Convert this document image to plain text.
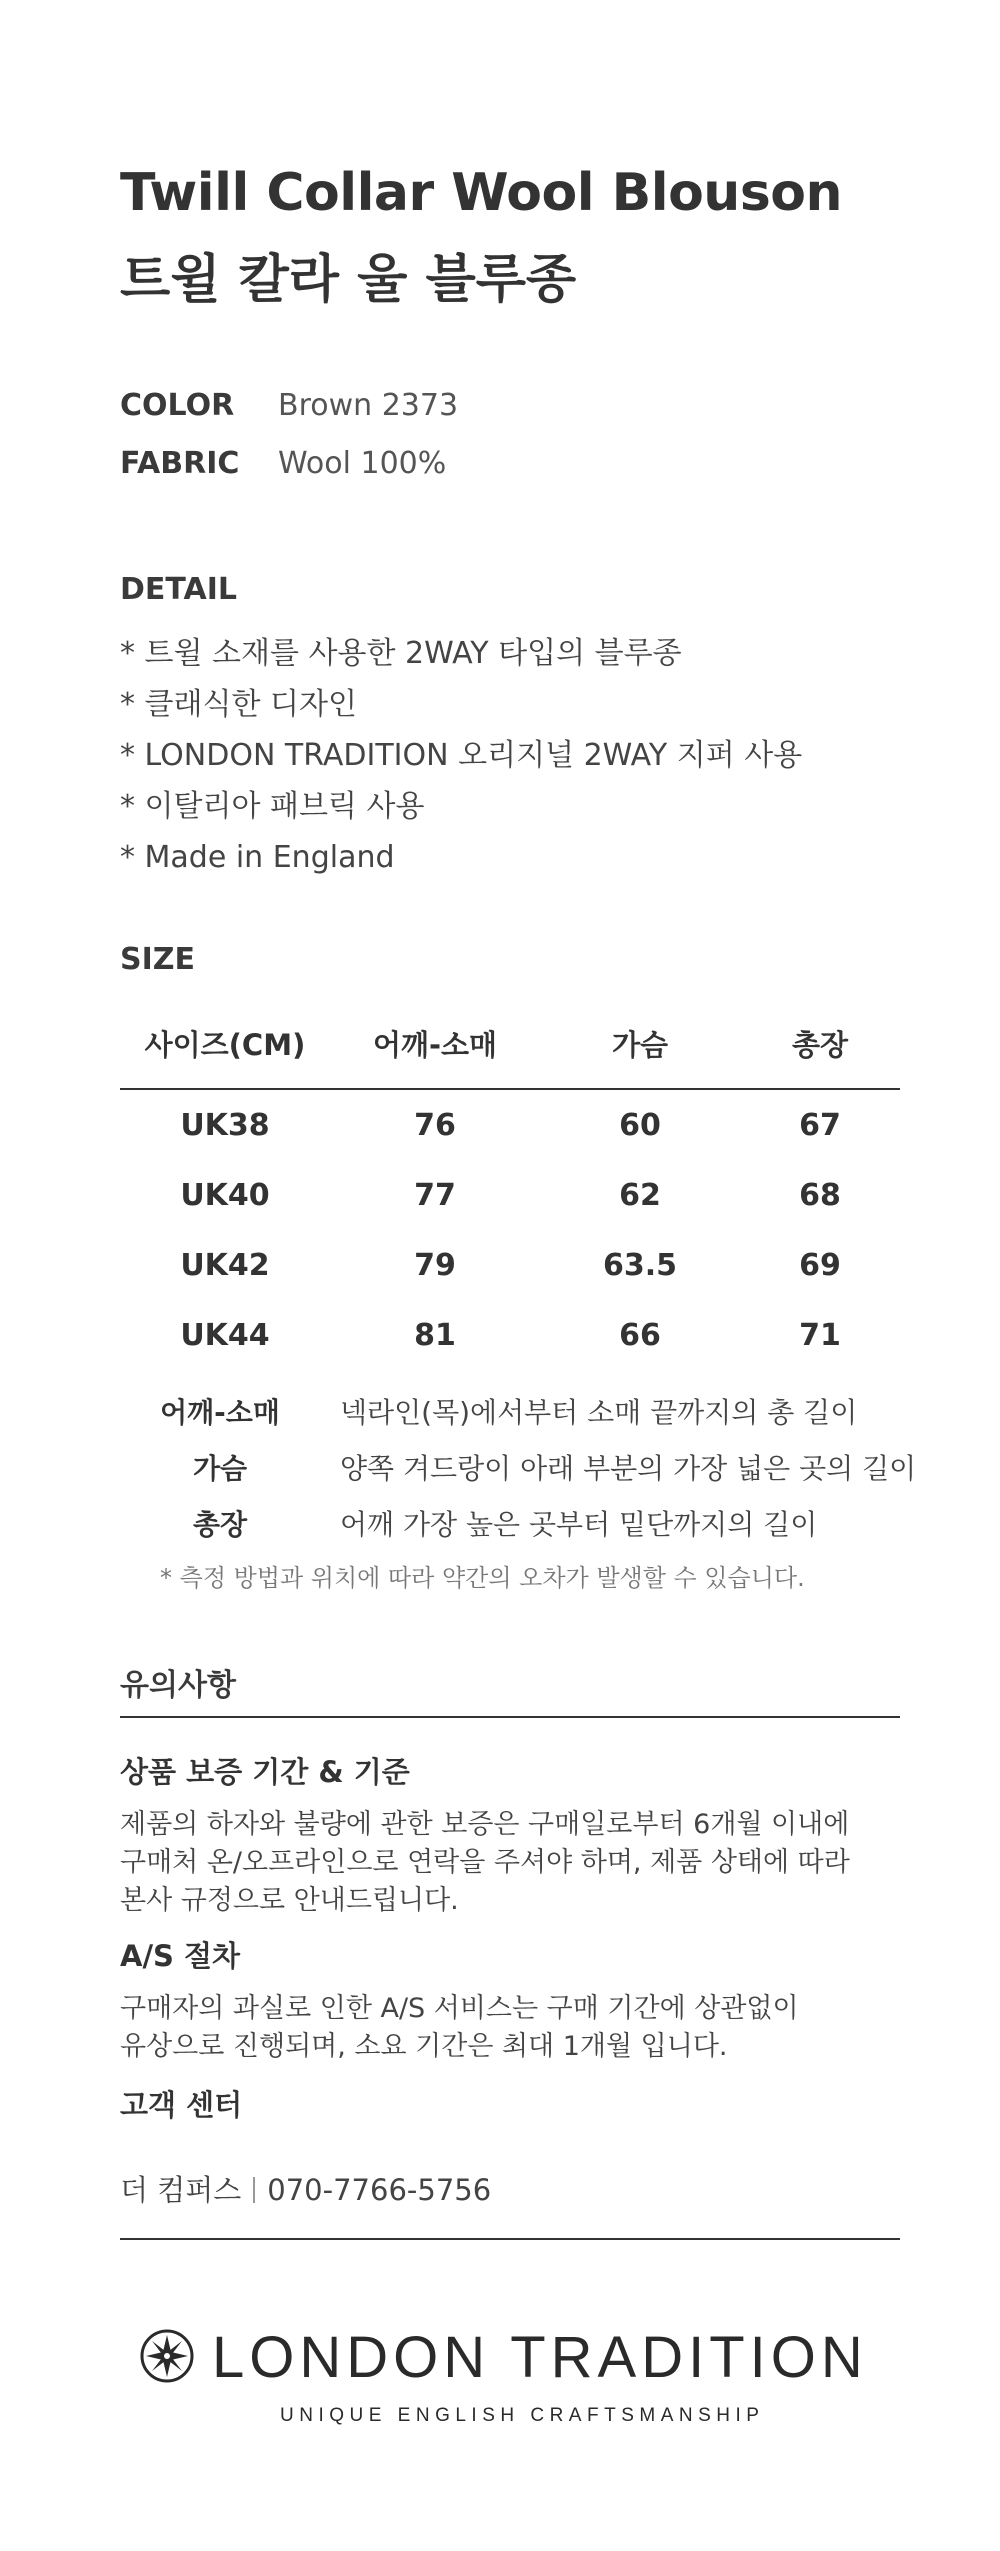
Twill Collar Wool Blouson
트윌 칼라 울 블루종
COLOR Brown 2373
FABRIC Wool 100%
DETAIL
* 트윌 소재를 사용한 2WAY 타입의 블루종
* 클래식한 디자인
* LONDON TRADITION 오리지널 2WAY 지퍼 사용
* 이탈리아 패브릭 사용
* Made in England
SIZE
사이즈(CM)	어깨-소매	가슴	총장
UK38	76	60	67
UK40	77	62	68
UK42	79	63.5	69
UK44	81	66	71
어깨-소매 넥라인(목)에서부터 소매 끝까지의 총 길이
가슴	양쪽 겨드랑이 아래 부분의 가장 넓은 곳의 길이
총장	어깨 가장 높은 곳부터 밑단까지의 길이
* 측정 방법과 위치에 따라 약간의 오차가 발생할 수 있습니다.
유의사항
상품 보증 기간 & 기준
제품의 하자와 불량에 관한 보증은 구매일로부터 6개월 이내에
구매처 온/오프라인으로 연락을 주셔야 하며, 제품 상태에 따라
본사 규정으로 안내드립니다.
A/S 절차
구매자의 과실로 인한 A/S 서비스는 구매 기간에 상관없이
유상으로 진행되며, 소요 기간은 최대 1개월 입니다.
고객 센터
더 컴퍼스 070-7766-5756
LONDON TRADITION
UNIQUE ENGLISH CRAFTSMANSHIP
